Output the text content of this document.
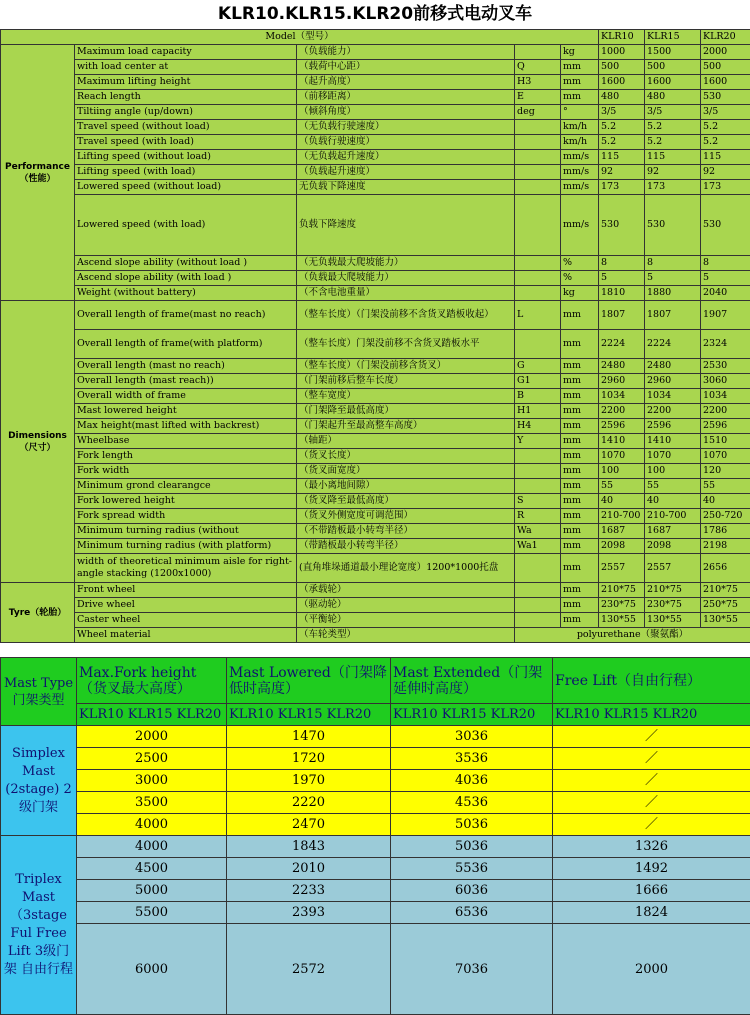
KLR10.KLR15.KLR20前移式电动叉车
Model（型号）					KLR10	KLR15	KLR20
Performance（性能）	Maximum load capacity	（负载能力）		kg	1000	1500	2000
	with load center at	（载荷中心距）	Q	mm	500	500	500
	Maximum lifting height	（起升高度）	H3	mm	1600	1600	1600
	Reach length	（前移距离）	E	mm	480	480	530
	Tiltiing angle (up/down)	（倾斜角度）	deg	°	3/5	3/5	3/5
	Travel speed (without load)	（无负载行驶速度）		km/h	5.2	5.2	5.2
	Travel speed (with load)	（负载行驶速度）		km/h	5.2	5.2	5.2
	Lifting speed (without load)	（无负载起升速度）		mm/s	115	115	115
	Lifting speed (with load)	（负载起升速度）		mm/s	92	92	92
	Lowered speed (without load)	无负载下降速度		mm/s	173	173	173
	Lowered speed (with load)	负载下降速度		mm/s	530	530	530
	Ascend slope ability (without load )	（无负载最大爬坡能力）		%	8	8	8
	Ascend slope ability (with load )	（负载最大爬坡能力）		%	5	5	5
	Weight (without battery)	（不含电池重量）		kg	1810	1880	2040
Dimensions（尺寸）	Overall length of frame(mast no reach)	（整车长度）（门架没前移不含货叉踏板收起）	L	mm	1807	1807	1907
	Overall length of frame(with platform)	（整车长度）门架没前移不含货叉踏板水平		mm	2224	2224	2324
	Overall length (mast no reach)	（整车长度）（门架没前移含货叉）	G	mm	2480	2480	2530
	Overall length (mast reach))	（门架前移后整车长度）	G1	mm	2960	2960	3060
	Overall width of frame	（整车宽度）	B	mm	1034	1034	1034
	Mast lowered height	（门架降至最低高度）	H1	mm	2200	2200	2200
	Max height(mast lifted with backrest)	（门架起升至最高整车高度）	H4	mm	2596	2596	2596
	Wheelbase	（轴距）	Y	mm	1410	1410	1510
	Fork length	（货叉长度）		mm	1070	1070	1070
	Fork width	（货叉面宽度）		mm	100	100	120
	Minimum grond clearangce	（最小离地间隙）		mm	55	55	55
	Fork lowered height	（货叉降至最低高度）	S	mm	40	40	40
	Fork spread width	（货叉外侧宽度可调范围）	R	mm	210-700	210-700	250-720
	Minimum turning radius (without	（不带踏板最小转弯半径）	Wa	mm	1687	1687	1786
	Minimum turning radius (with platform)	（带踏板最小转弯半径）	Wa1	mm	2098	2098	2198
	width of theoretical minimum aisle for right-angle stacking (1200x1000)	(直角堆垛通道最小理论宽度）1200*1000托盘		mm	2557	2557	2656
Tyre（轮胎）	Front wheel	（承载轮）		mm	210*75	210*75	210*75
	Drive wheel	（驱动轮）		mm	230*75	230*75	250*75
	Caster wheel	（平衡轮）		mm	130*55	130*55	130*55
	Wheel material	（车轮类型）	polyurethane（聚氨酯）				
Mast Type门架类型	Max.Fork height（货叉最大高度）	Mast Lowered（门架降低时高度）	Mast Extended（门架延伸时高度）	Free Lift（自由行程）
	KLR10 KLR15 KLR20	KLR10 KLR15 KLR20	KLR10 KLR15 KLR20	KLR10 KLR15 KLR20
Simplex Mast (2stage) 2级门架	2000	1470	3036	／
	2500	1720	3536	／
	3000	1970	4036	／
	3500	2220	4536	／
	4000	2470	5036	／
Triplex Mast （3stage Ful Free Lift 3级门架 自由行程	4000	1843	5036	1326
	4500	2010	5536	1492
	5000	2233	6036	1666
	5500	2393	6536	1824
	6000	2572	7036	2000
